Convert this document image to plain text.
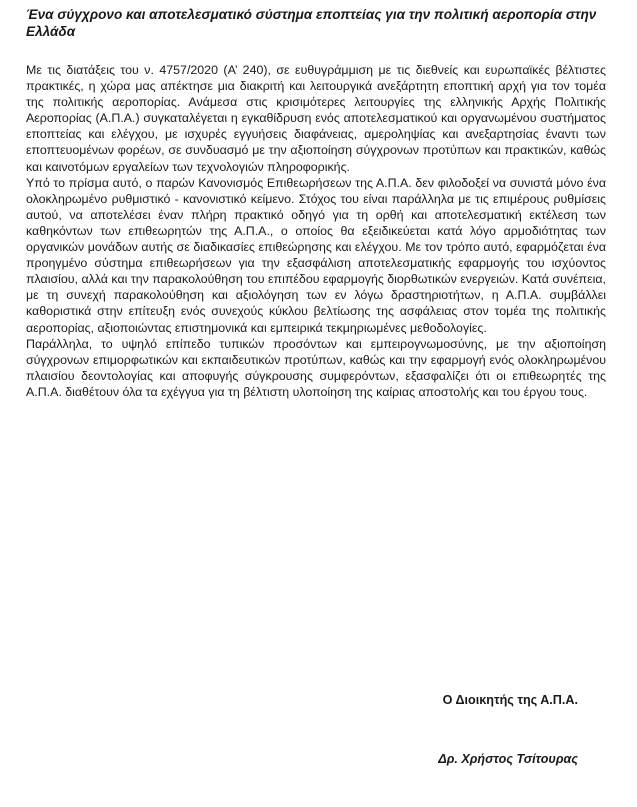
Ένα σύγχρονο και αποτελεσματικό σύστημα εποπτείας για την πολιτική αεροπορία στην Ελλάδα

Με τις διατάξεις του ν. 4757/2020 (Α’ 240), σε ευθυγράμμιση με τις διεθνείς και ευρωπαϊκές βέλτιστες πρακτικές, η χώρα μας απέκτησε μια διακριτή και λειτουργικά ανεξάρτητη εποπτική αρχή για τον τομέα της πολιτικής αεροπορίας. Ανάμεσα στις κρισιμότερες λειτουργίες της ελληνικής Αρχής Πολιτικής Αεροπορίας (Α.Π.Α.) συγκαταλέγεται η εγκαθίδρυση ενός αποτελεσματικού και οργανωμένου συστήματος εποπτείας και ελέγχου, με ισχυρές εγγυήσεις διαφάνειας, αμεροληψίας και ανεξαρτησίας έναντι των εποπτευομένων φορέων, σε συνδυασμό με την αξιοποίηση σύγχρονων προτύπων και πρακτικών, καθώς και καινοτόμων εργαλείων των τεχνολογιών πληροφορικής.

Υπό το πρίσμα αυτό, ο παρών Κανονισμός Επιθεωρήσεων της Α.Π.Α. δεν φιλοδοξεί να συνιστά μόνο ένα ολοκληρωμένο ρυθμιστικό - κανονιστικό κείμενο. Στόχος του είναι παράλληλα με τις επιμέρους ρυθμίσεις αυτού, να αποτελέσει έναν πλήρη πρακτικό οδηγό για τη ορθή και αποτελεσματική εκτέλεση των καθηκόντων των επιθεωρητών της Α.Π.Α., ο οποίος θα εξειδικεύεται κατά λόγο αρμοδιότητας των οργανικών μονάδων αυτής σε διαδικασίες επιθεώρησης και ελέγχου. Με τον τρόπο αυτό, εφαρμόζεται ένα προηγμένο σύστημα επιθεωρήσεων για την εξασφάλιση αποτελεσματικής εφαρμογής του ισχύοντος πλαισίου, αλλά και την παρακολούθηση του επιπέδου εφαρμογής διορθωτικών ενεργειών. Κατά συνέπεια, με τη συνεχή παρακολούθηση και αξιολόγηση των εν λόγω δραστηριοτήτων, η Α.Π.Α. συμβάλλει καθοριστικά στην επίτευξη ενός συνεχούς κύκλου βελτίωσης της ασφάλειας στον τομέα της πολιτικής αεροπορίας, αξιοποιώντας επιστημονικά και εμπειρικά τεκμηριωμένες μεθοδολογίες.

Παράλληλα, το υψηλό επίπεδο τυπικών προσόντων και εμπειρογνωμοσύνης, με την αξιοποίηση σύγχρονων επιμορφωτικών και εκπαιδευτικών προτύπων, καθώς και την εφαρμογή ενός ολοκληρωμένου πλαισίου δεοντολογίας και αποφυγής σύγκρουσης συμφερόντων, εξασφαλίζει ότι οι επιθεωρητές της Α.Π.Α. διαθέτουν όλα τα εχέγγυα για τη βέλτιστη υλοποίηση της καίριας αποστολής και του έργου τους.

Ο Διοικητής της Α.Π.Α.

Δρ. Χρήστος Τσίτουρας
